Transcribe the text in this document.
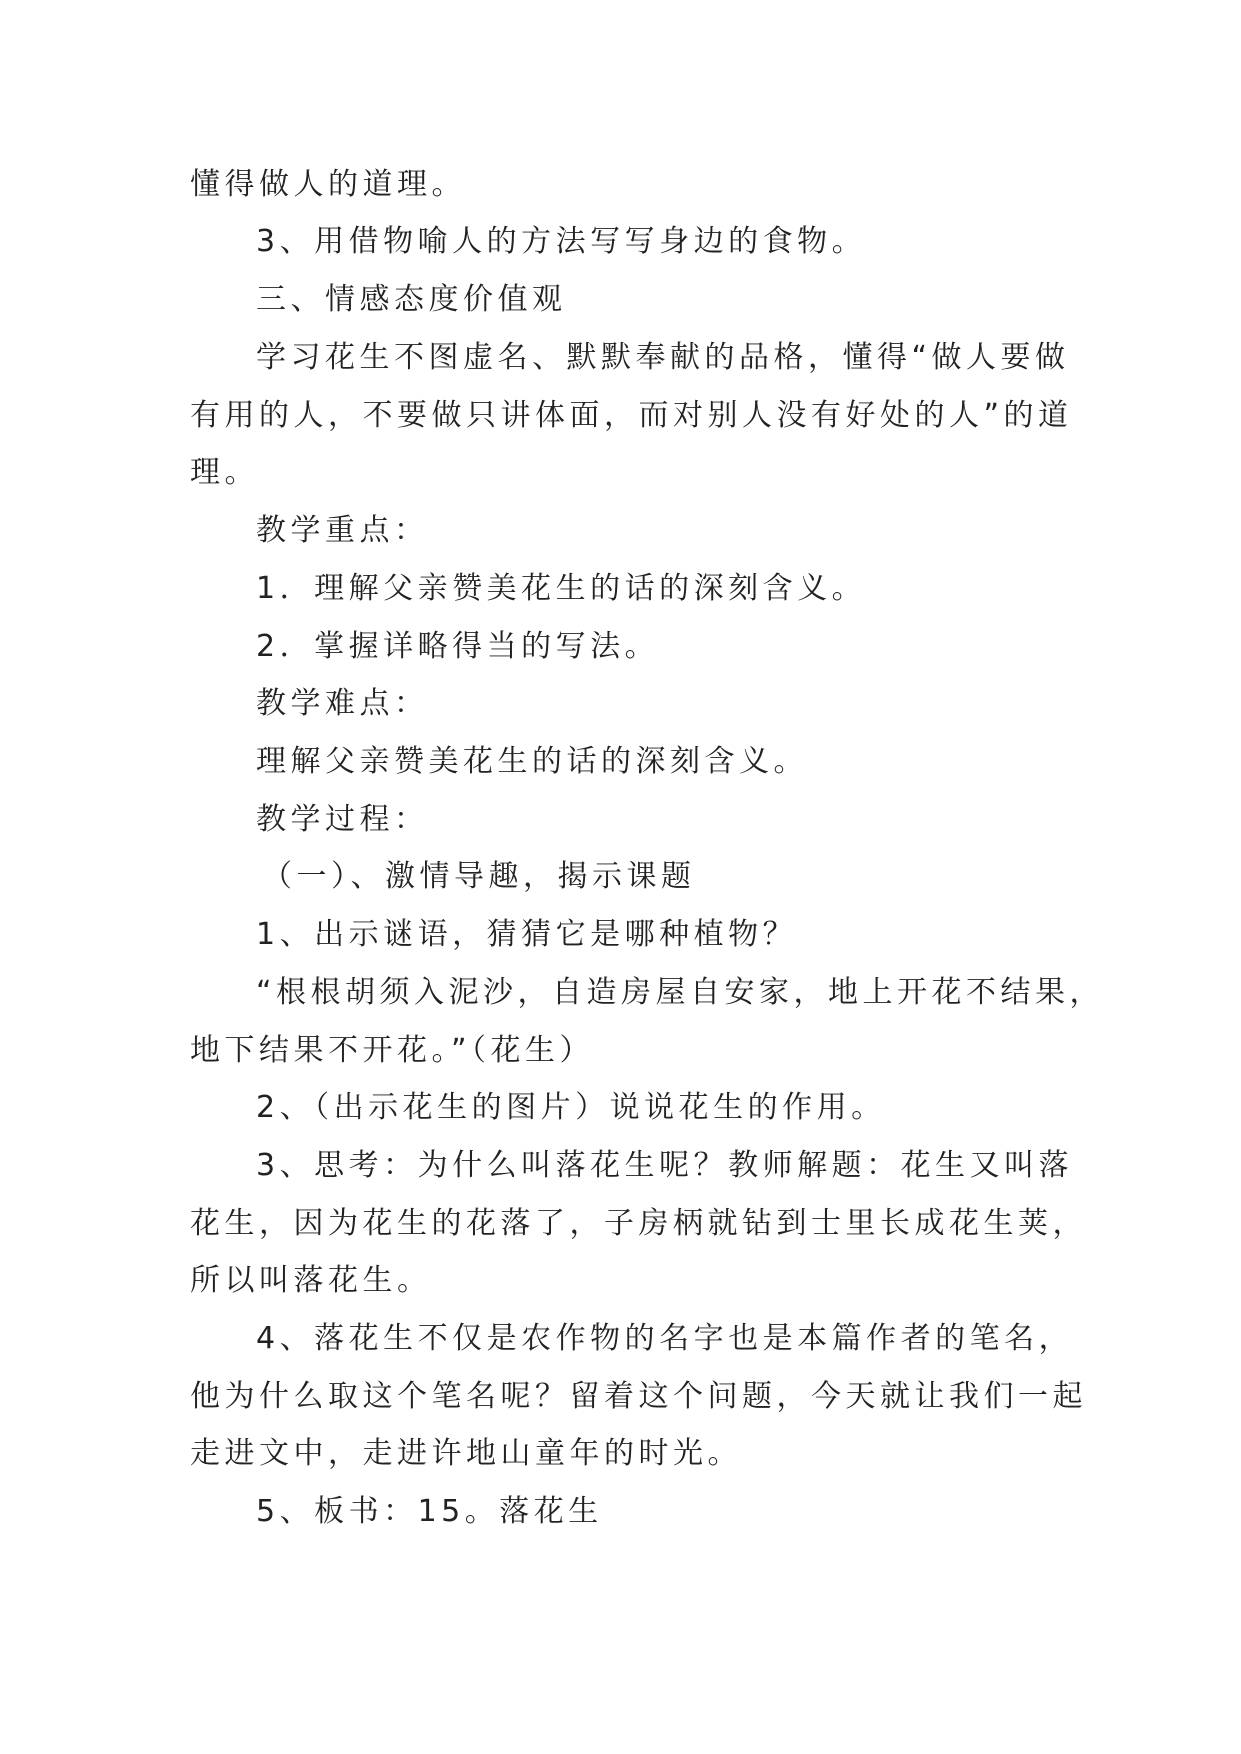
懂得做人的道理。
3、用借物喻人的方法写写身边的食物。
三、情感态度价值观
学习花生不图虚名、默默奉献的品格，懂得“做人要做
有用的人，不要做只讲体面，而对别人没有好处的人”的道
理。
教学重点：
1．理解父亲赞美花生的话的深刻含义。
2．掌握详略得当的写法。
教学难点：
理解父亲赞美花生的话的深刻含义。
教学过程：
（一）、激情导趣，揭示课题
1、出示谜语，猜猜它是哪种植物？
“根根胡须入泥沙，自造房屋自安家，地上开花不结果，
地下结果不开花。”（花生）
2、（出示花生的图片）说说花生的作用。
3、思考：为什么叫落花生呢？教师解题：花生又叫落
花生，因为花生的花落了，子房柄就钻到士里长成花生荚，
所以叫落花生。
4、落花生不仅是农作物的名字也是本篇作者的笔名，
他为什么取这个笔名呢？留着这个问题，今天就让我们一起
走进文中，走进许地山童年的时光。
5、板书：15。落花生
